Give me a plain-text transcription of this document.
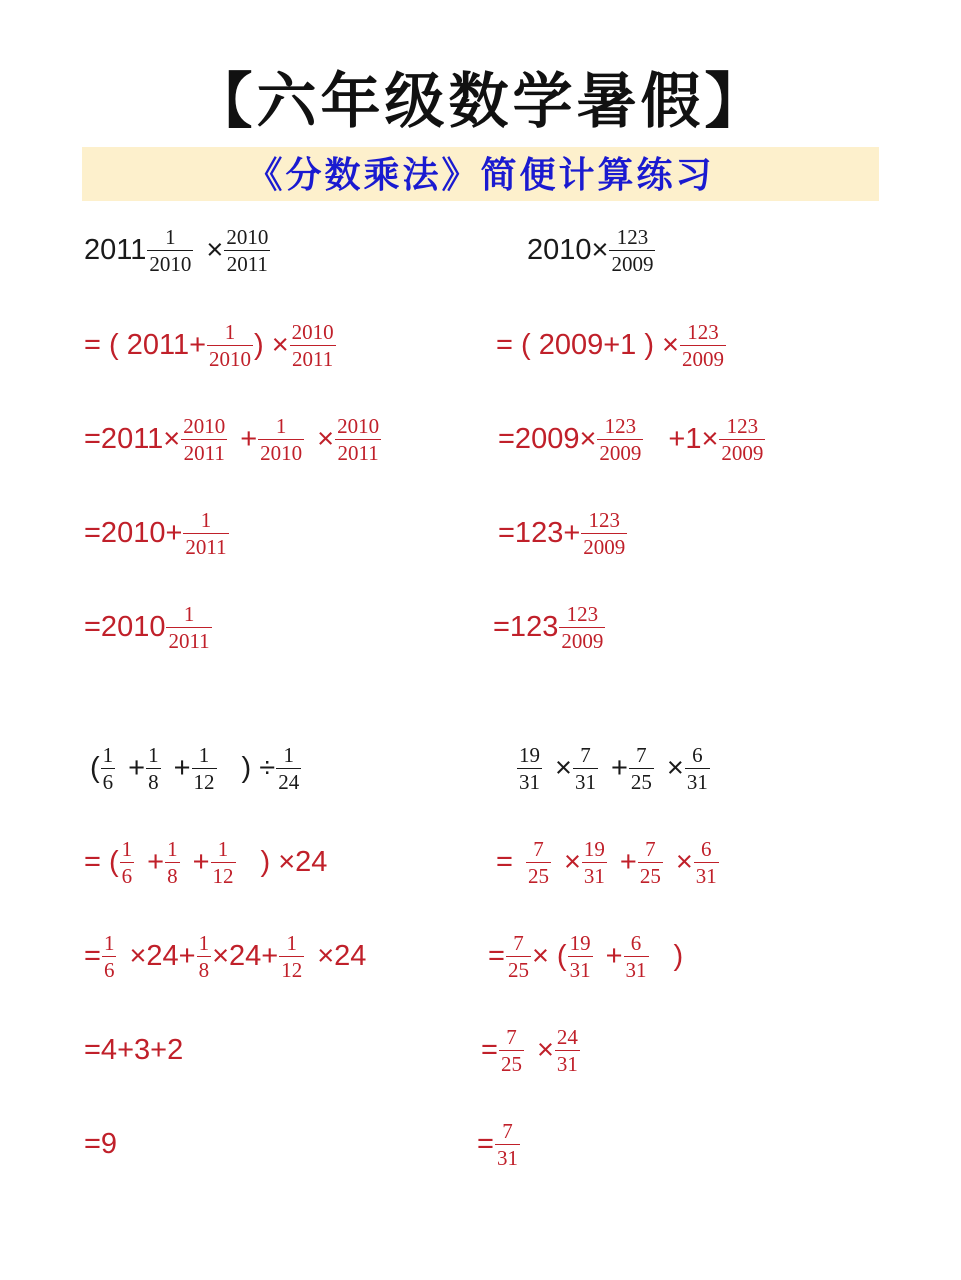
【六年级数学暑假】
《分数乘法》简便计算练习
$2011 \frac{1}{2010} \times \frac{2010}{2011}$
= ( $2011+ \frac{1}{2010}$ ) × $\frac{2010}{2011}$
$=2011\times \frac{2010}{2011} + \frac{1}{2010} \times \frac{2010}{2011}$
$=2010+ \frac{1}{2011}$
$=2010 \frac{1}{2011}$
$2010\times \frac{123}{2009}$
= ( 2009+1 ) × $\frac{123}{2009}$
$=2009\times \frac{123}{2009} +1\times \frac{123}{2009}$
$=123+ \frac{123}{2009}$
$=123 \frac{123}{2009}$
( $\frac{1}{6} + \frac{1}{8} + \frac{1}{12}$ ) ÷ $\frac{1}{24}$
= ( $\frac{1}{6} + \frac{1}{8} + \frac{1}{12}$ ) ×24
= $\frac{1}{6} \times 24+ \frac{1}{8} \times 24+ \frac{1}{12} \times 24$
=4+3+2
=9
$\frac{19}{31} \times \frac{7}{31} + \frac{7}{25} \times \frac{6}{31}$
= $\frac{7}{25} \times \frac{19}{31} + \frac{7}{25} \times \frac{6}{31}$
= $\frac{7}{25}$ × ( $\frac{19}{31} + \frac{6}{31}$ )
= $\frac{7}{25} \times \frac{24}{31}$
= $\frac{7}{31}$
